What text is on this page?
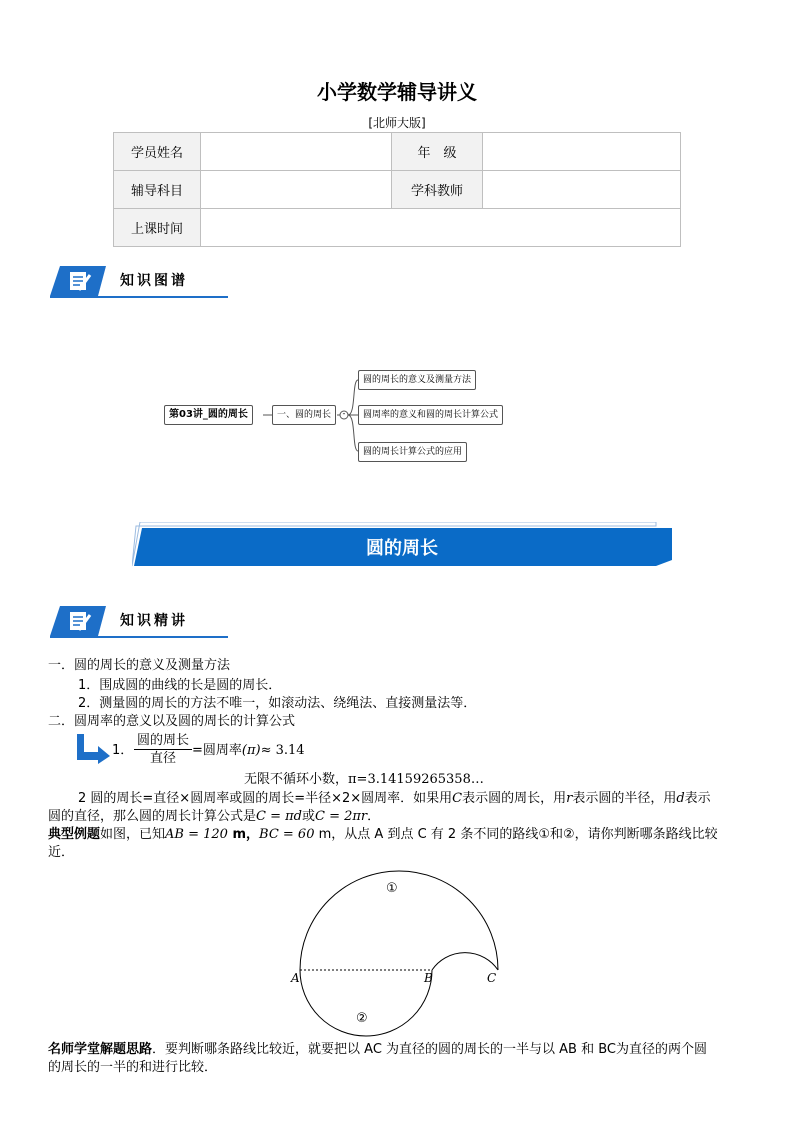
小学数学辅导讲义
[北师大版]
学员姓名		年　级	
辅导科目		学科教师	
上课时间			
知识图谱
第03讲_圆的周长	一、圆的周长	-
圆的周长的意义及测量方法
圆周率的意义和圆的周长计算公式
圆的周长计算公式的应用
圆的周长
知识精讲
一．圆的周长的意义及测量方法
1．围成圆的曲线的长是圆的周长．
2．测量圆的周长的方法不唯一，如滚动法、绕绳法、直接测量法等．
二．圆周率的意义以及圆的周长的计算公式
1．
圆的周长
直径
=圆周率(π)≈ 3.14
无限不循环小数，π=3.14159265358…
2 圆的周长=直径×圆周率或圆的周长=半径×2×圆周率．如果用C表示圆的周长，用r表示圆的半径，用d表示
圆的直径，那么圆的周长计算公式是C = πd或C = 2πr．
典型例题如图，已知AB = 120 m，BC = 60 m，从点 A 到点 C 有 2 条不同的路线①和②，请你判断哪条路线比较
近．
A	B	C
①
②
名师学堂解题思路．要判断哪条路线比较近，就要把以 AC 为直径的圆的周长的一半与以 AB 和 BC为直径的两个圆
的周长的一半的和进行比较．
